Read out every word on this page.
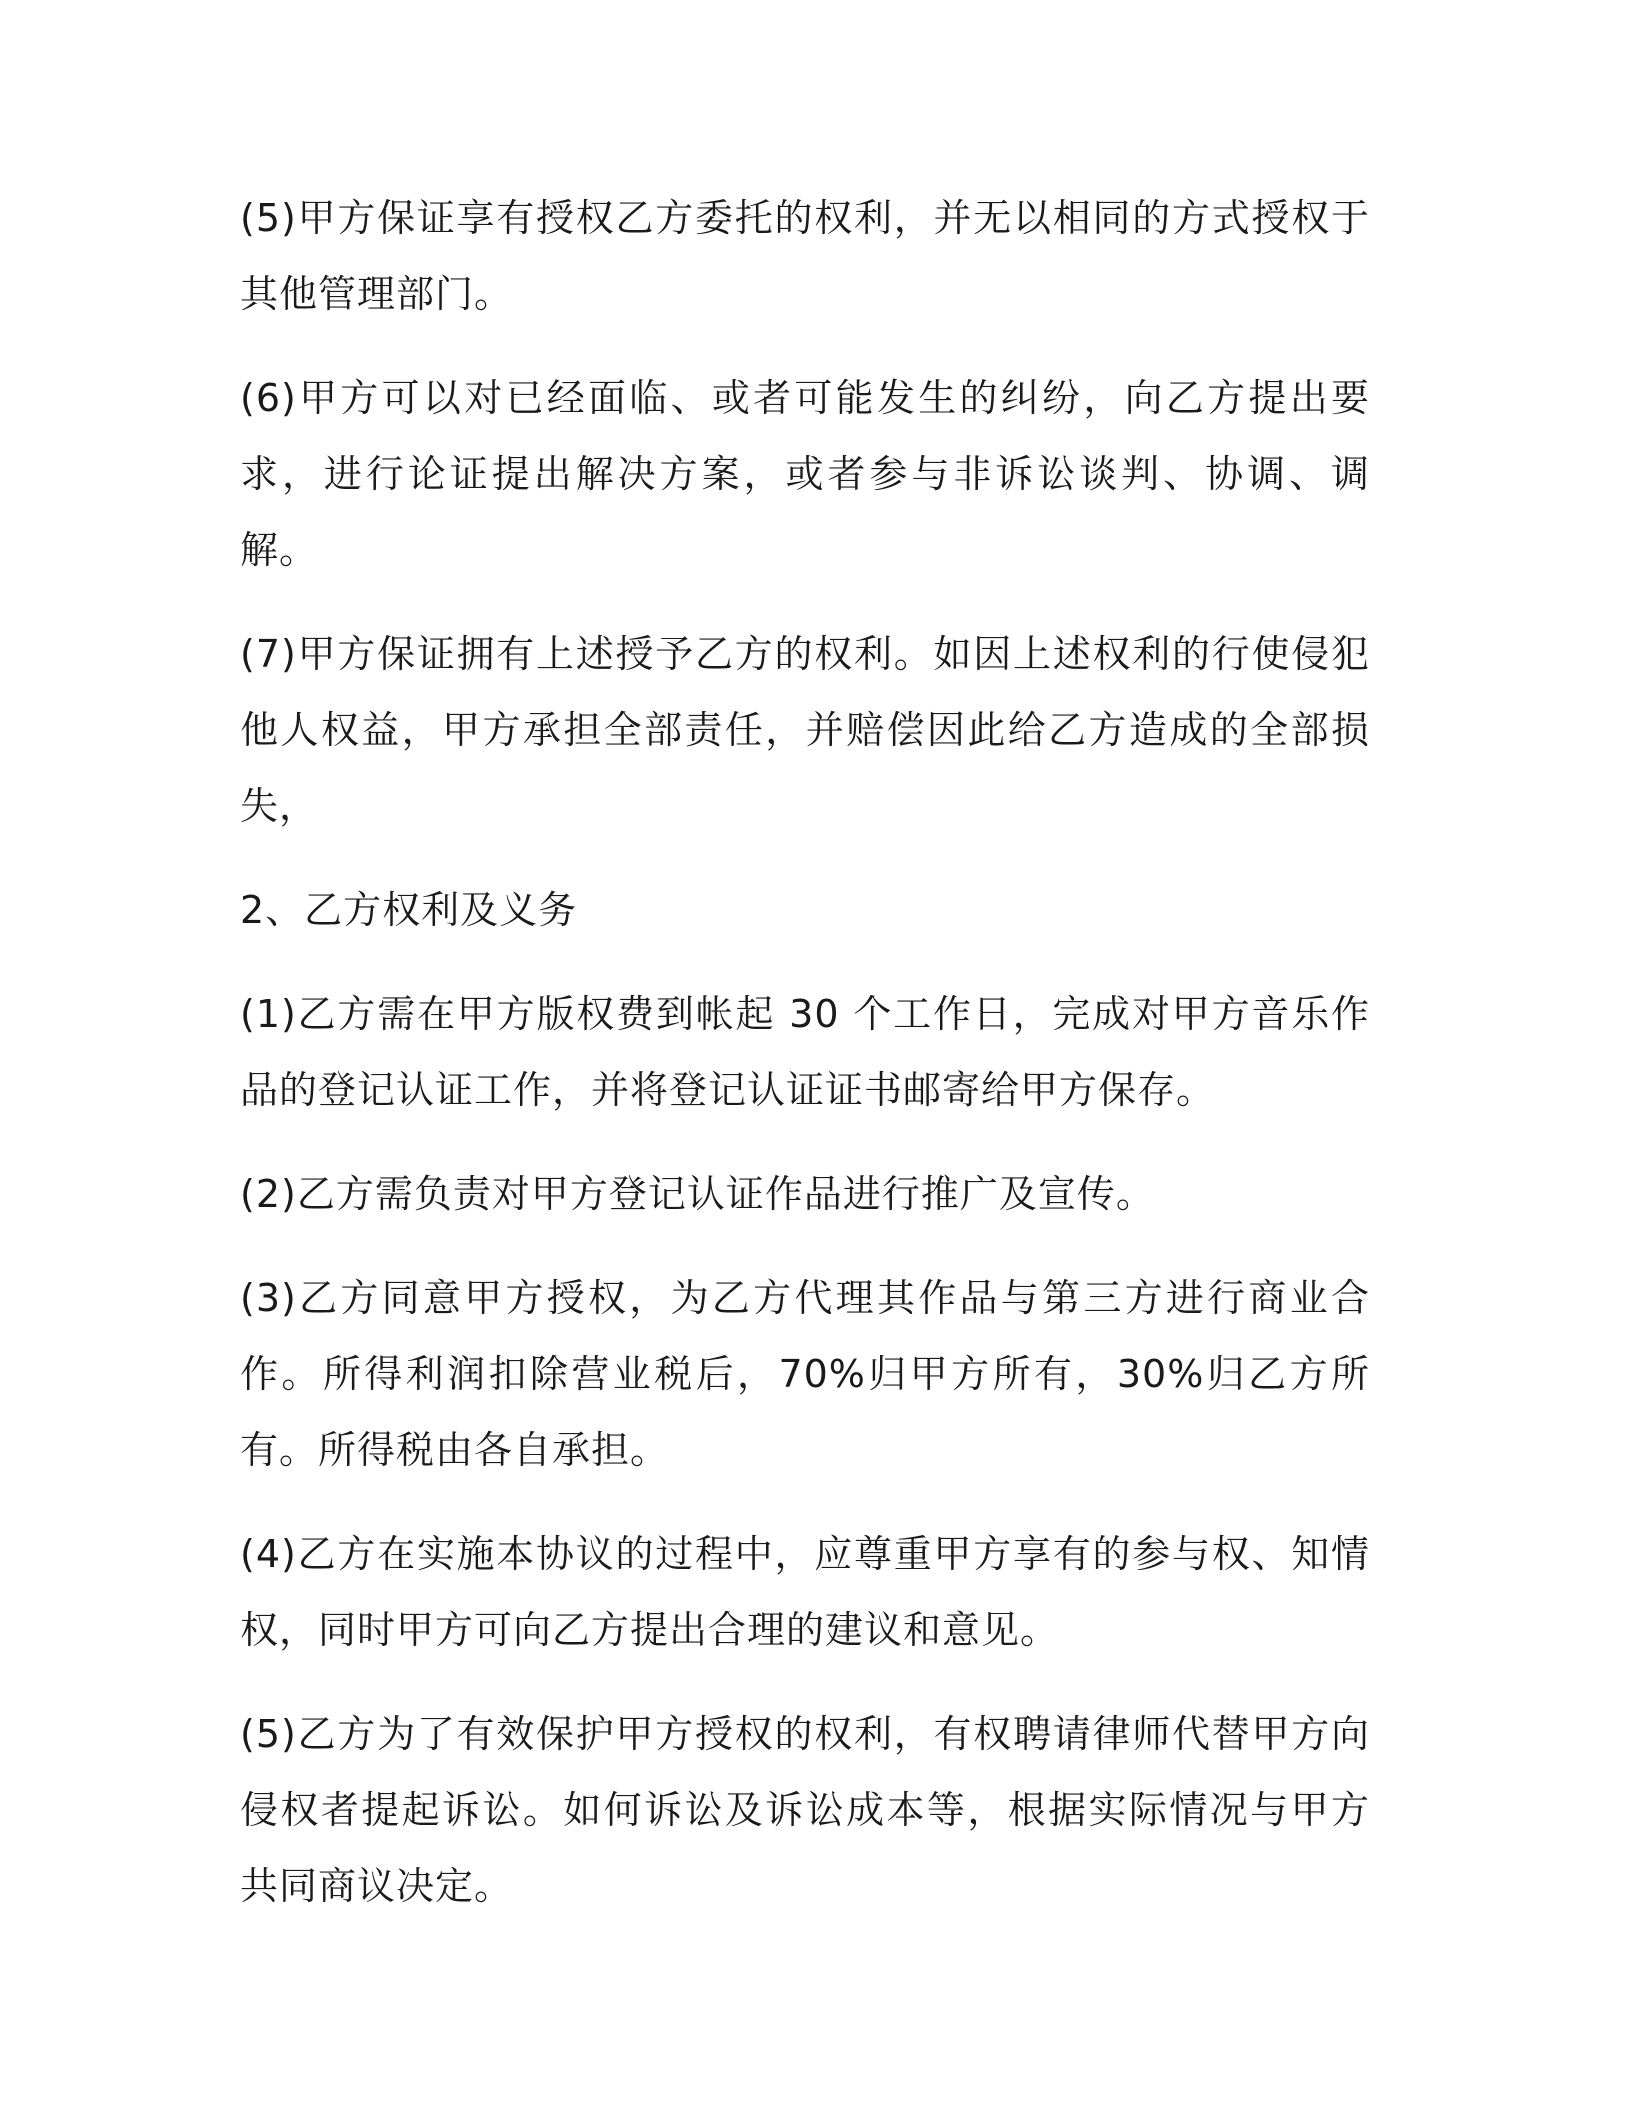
(5)甲方保证享有授权乙方委托的权利，并无以相同的方式授权于其他管理部门。

(6)甲方可以对已经面临、或者可能发生的纠纷，向乙方提出要求，进行论证提出解决方案，或者参与非诉讼谈判、协调、调解。

(7)甲方保证拥有上述授予乙方的权利。如因上述权利的行使侵犯他人权益，甲方承担全部责任，并赔偿因此给乙方造成的全部损失，

2、乙方权利及义务

(1)乙方需在甲方版权费到帐起 30 个工作日，完成对甲方音乐作品的登记认证工作，并将登记认证证书邮寄给甲方保存。

(2)乙方需负责对甲方登记认证作品进行推广及宣传。

(3)乙方同意甲方授权，为乙方代理其作品与第三方进行商业合作。所得利润扣除营业税后，70%归甲方所有，30%归乙方所有。所得税由各自承担。

(4)乙方在实施本协议的过程中，应尊重甲方享有的参与权、知情权，同时甲方可向乙方提出合理的建议和意见。

(5)乙方为了有效保护甲方授权的权利，有权聘请律师代替甲方向侵权者提起诉讼。如何诉讼及诉讼成本等，根据实际情况与甲方共同商议决定。
